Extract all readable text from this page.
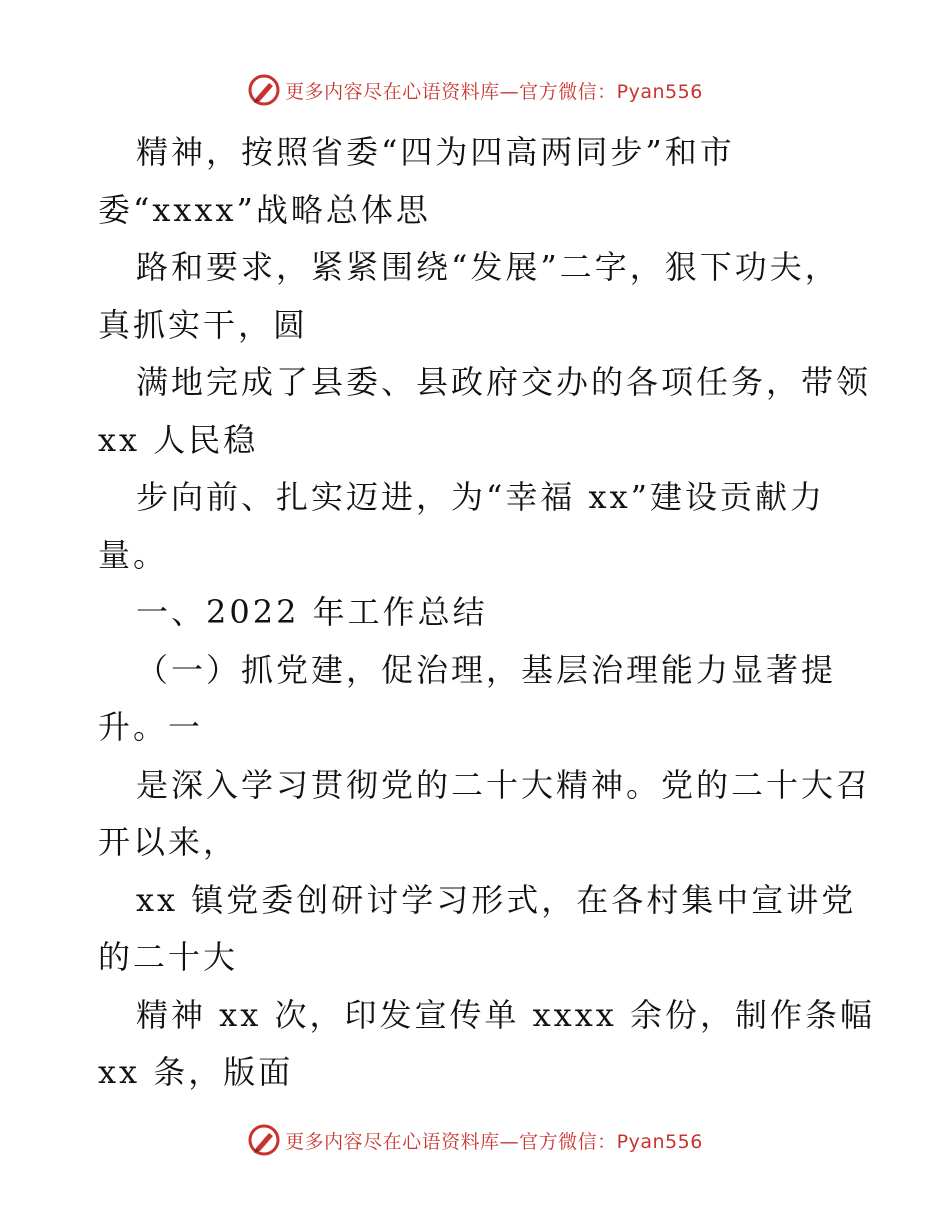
更多内容尽在心语资料库—官方微信：Pyan556
精神，按照省委“四为四高两同步”和市
委“xxxx”战略总体思
路和要求，紧紧围绕“发展”二字，狠下功夫，
真抓实干，圆
满地完成了县委、县政府交办的各项任务，带领
xx 人民稳
步向前、扎实迈进，为“幸福 xx”建设贡献力
量。
一、2022 年工作总结
（一）抓党建，促治理，基层治理能力显著提
升。一
是深入学习贯彻党的二十大精神。党的二十大召
开以来，
xx 镇党委创研讨学习形式，在各村集中宣讲党
的二十大
精神 xx 次，印发宣传单 xxxx 余份，制作条幅
xx 条，版面
更多内容尽在心语资料库—官方微信：Pyan556
